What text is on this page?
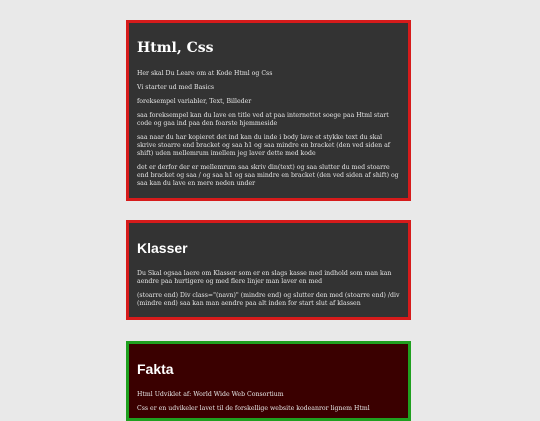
Html, Css

Her skal Du Leare om at Kode Html og Css

Vi starter ud med Basics

foreksempel variabler, Text, Billeder

saa foreksempel kan du lave en title ved at paa internettet soege paa Html start code og gaa ind paa den foarste hjemmeside

saa naar du har kopieret det ind kan du inde i body lave et stykke text du skal skrive stoarre end bracket og saa h1 og saa mindre en bracket (den ved siden af shift) uden mellemrum imellem jeg laver dette med kode

det er derfor der er mellemrum saa skriv din(text) og saa slutter du med stoarre end bracket og saa / og saa h1 og saa mindre en bracket (den ved siden af shift) og saa kan du lave en mere neden under

Klasser

Du Skal ogsaa laere om Klasser som er en slags kasse med indhold som man kan aendre paa hurtigere og med flere linjer man laver en med

(stoarre end) Div class="(navn)" (mindre end) og slutter den med (stoarre end) /div (mindre end) saa kan man aendre paa alt inden for start slut af klassen

Fakta

Html Udviklet af: World Wide Web Consortium

Css er en udvikeler lavet til de forskellige website kodeanror lignem Html
